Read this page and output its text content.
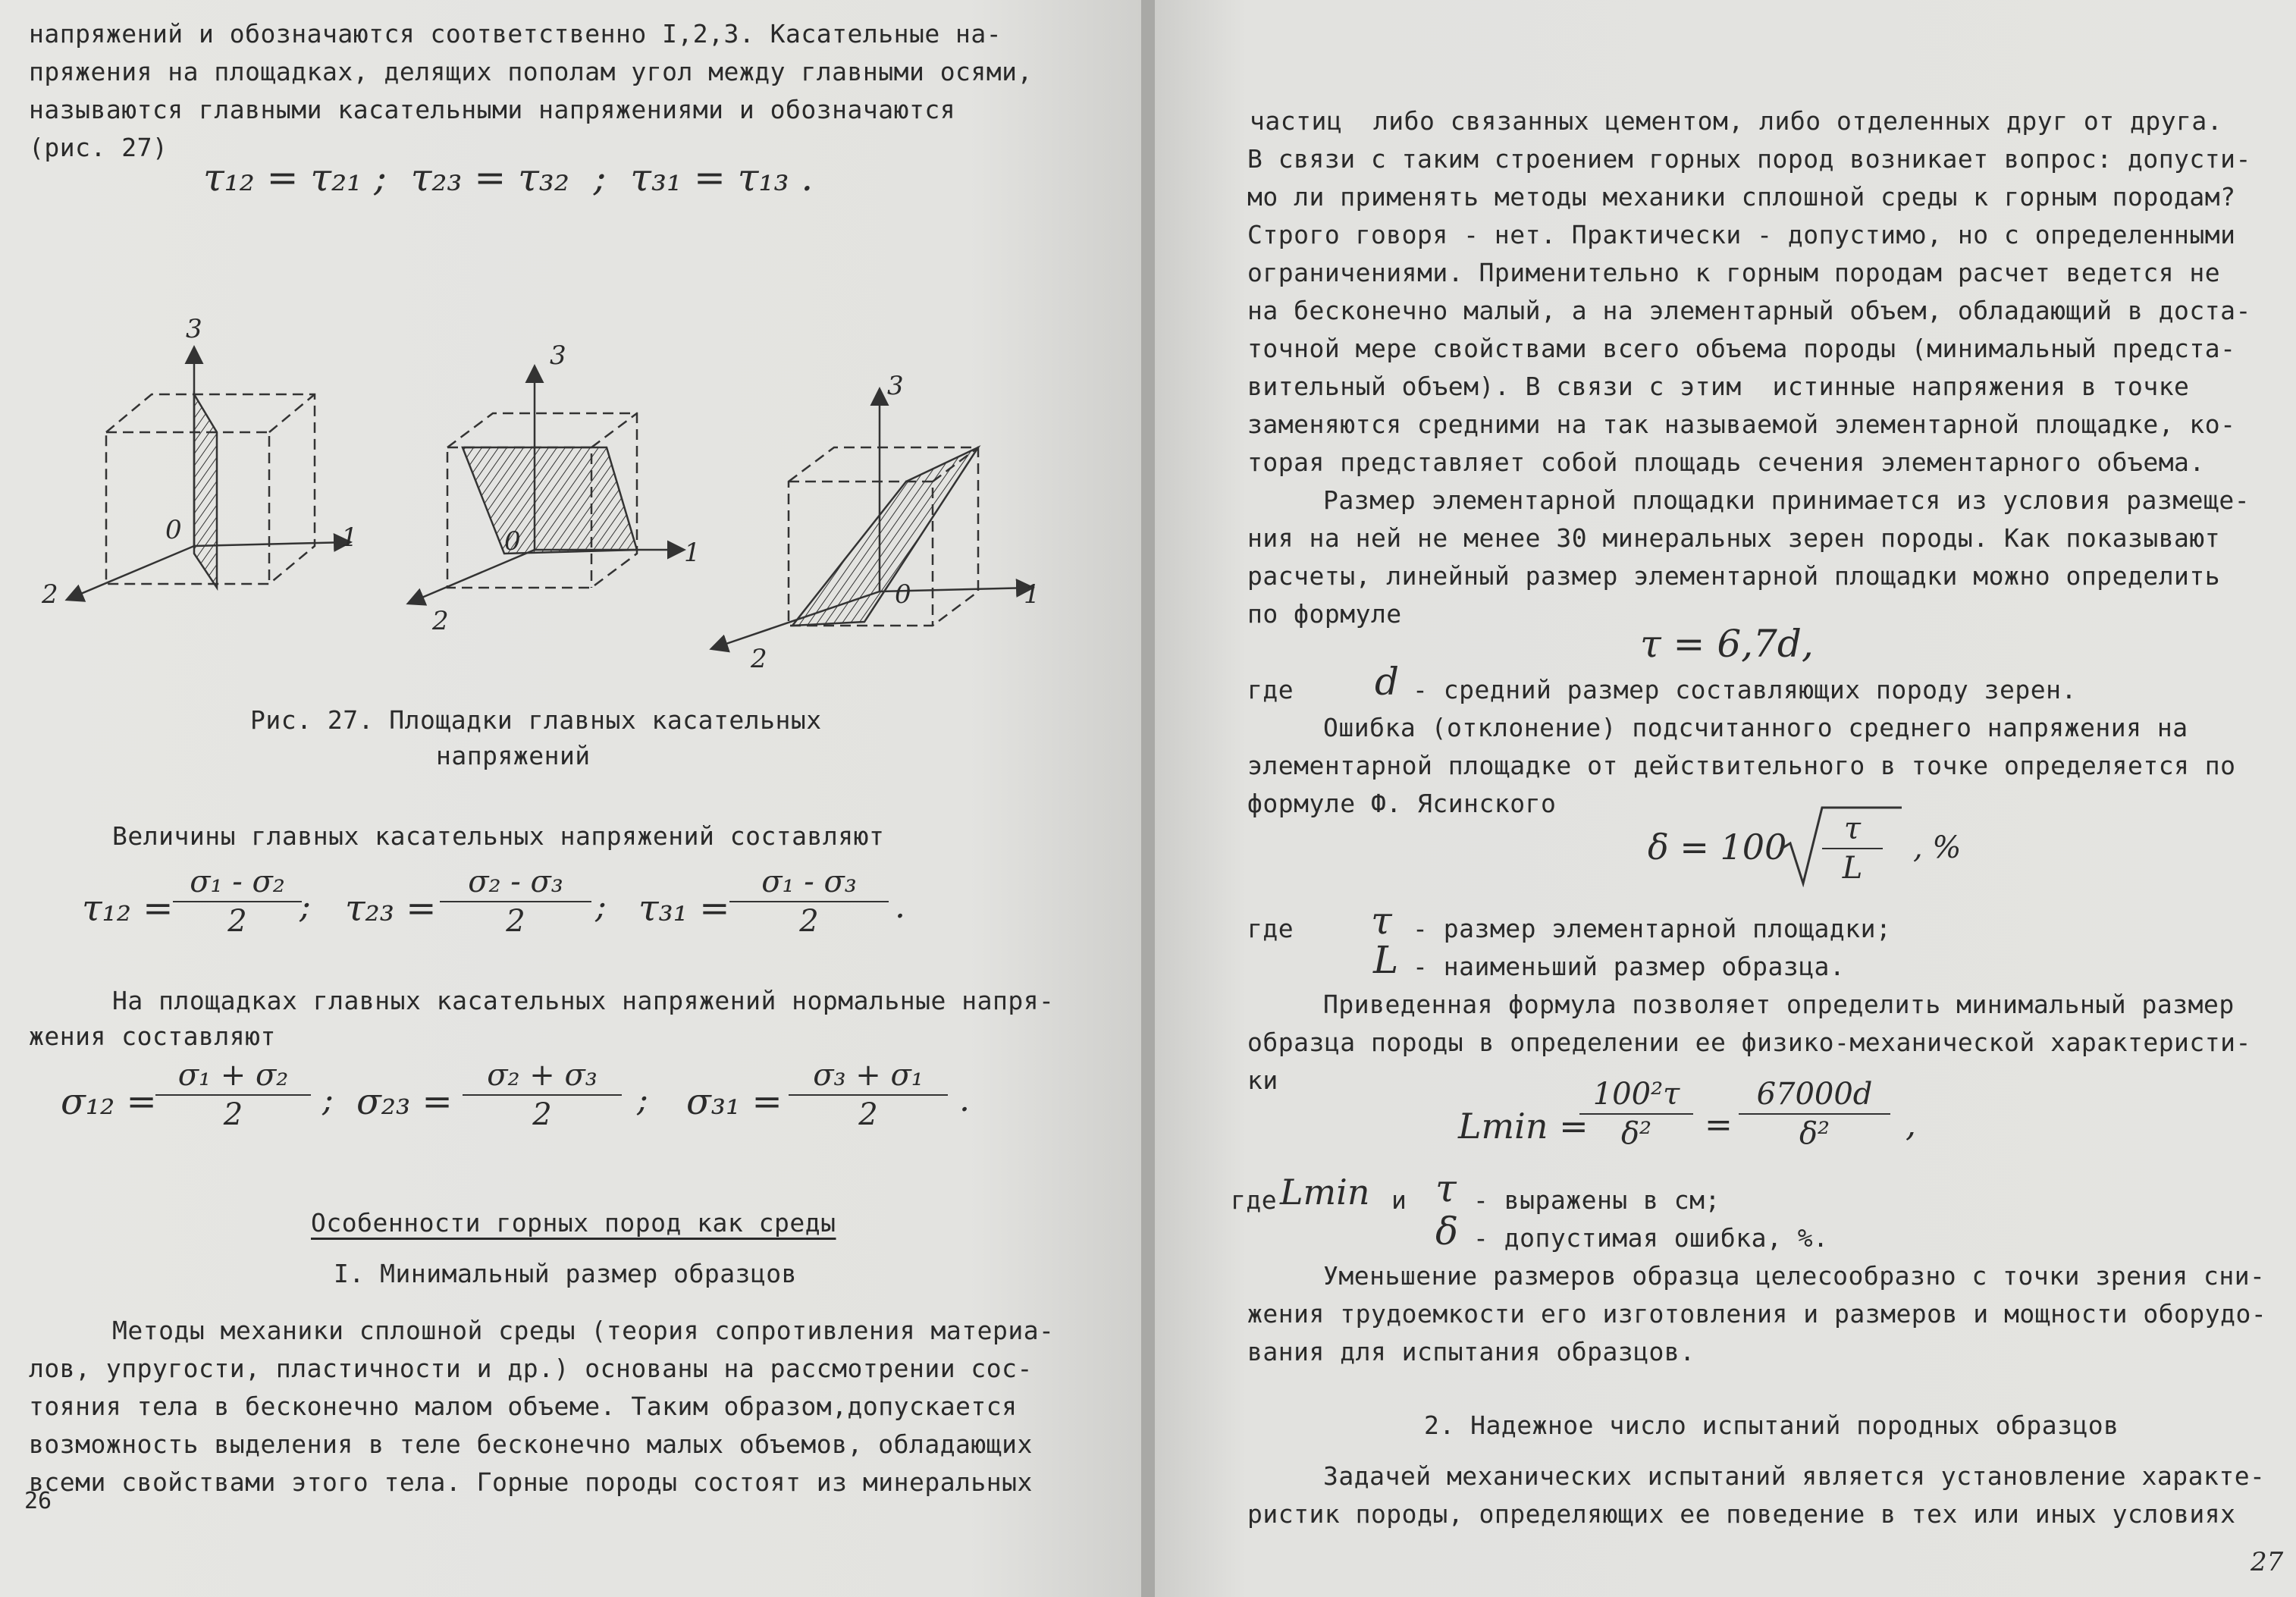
напряжений и обозначаются соответственно I,2,3. Касательные на-
пряжения на площадках, делящих пополам угол между главными осями,
называются главными касательными напряжениями и обозначаются
(рис. 27)
τ₁₂ = τ₂₁ ;  τ₂₃ = τ₃₂  ;  τ₃₁ = τ₁₃ .
3
1
2
0
3
1
2
0
3
1
2
0
Рис. 27. Площадки главных касательных
напряжений
Величины главных касательных напряжений составляют
τ₁₂ =
σ₁ - σ₂
2	; τ₂₃ =
σ₂ - σ₃
2	; τ₃₁ =
σ₁ - σ₃
2	.
На площадках главных касательных напряжений нормальные напря-
жения составляют
σ₁₂ =
σ₁ + σ₂
2	; σ₂₃ =
σ₂ + σ₃
2	; σ₃₁ =
σ₃ + σ₁
2	.
Особенности горных пород как среды
I. Минимальный размер образцов
Методы механики сплошной среды (теория сопротивления материа-
лов, упругости, пластичности и др.) основаны на рассмотрении сос-
тояния тела в бесконечно малом объеме. Таким образом,допускается
возможность выделения в теле бесконечно малых объемов, обладающих
всеми свойствами этого тела. Горные породы состоят из минеральных
26
частиц  либо связанных цементом, либо отделенных друг от друга.
В связи с таким строением горных пород возникает вопрос: допусти-
мо ли применять методы механики сплошной среды к горным породам?
Строго говоря - нет. Практически - допустимо, но с определенными
ограничениями. Применительно к горным породам расчет ведется не
на бесконечно малый, а на элементарный объем, обладающий в доста-
точной мере свойствами всего объема породы (минимальный предста-
вительный объем). В связи с этим  истинные напряжения в точке
заменяются средними на так называемой элементарной площадке, ко-
торая представляет собой площадь сечения элементарного объема.
Размер элементарной площадки принимается из условия размеще-
ния на ней не менее 30 минеральных зерен породы. Как показывают
расчеты, линейный размер элементарной площадки можно определить
по формуле
τ = 6,7d,
где d - средний размер составляющих породу зерен.
Ошибка (отклонение) подсчитанного среднего напряжения на
элементарной площадке от действительного в точке определяется по
формуле Ф. Ясинского
δ = 100	τ
L
, %
где τ - размер элементарной площадки;
L - наименьший размер образца.
Приведенная формула позволяет определить минимальный размер
образца породы в определении ее физико-механической характеристи-
ки
Lmin =
100²τ
δ²	=
67000d
δ²	,
где Lmin и τ - выражены в см;
δ - допустимая ошибка, %.
Уменьшение размеров образца целесообразно с точки зрения сни-
жения трудоемкости его изготовления и размеров и мощности оборудо-
вания для испытания образцов.
2. Надежное число испытаний породных образцов
Задачей механических испытаний является установление характе-
ристик породы, определяющих ее поведение в тех или иных условиях
27
